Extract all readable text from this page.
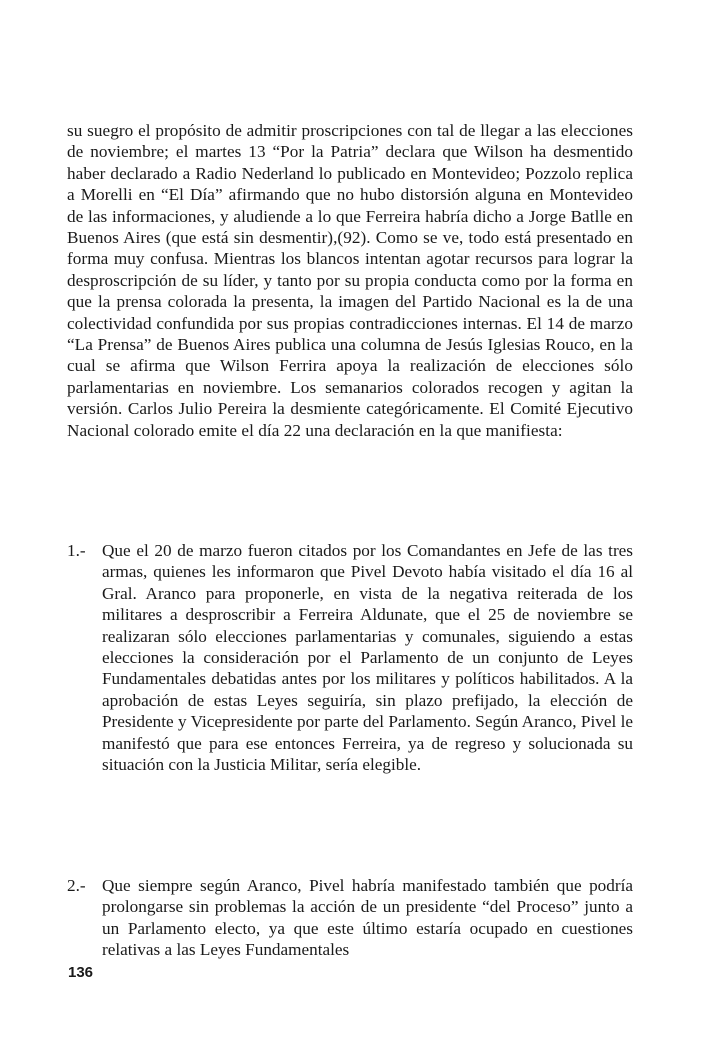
su suegro el propósito de admitir proscripciones con tal de llegar a las elecciones de noviembre; el martes 13 “Por la Patria” declara que Wilson ha desmentido haber declarado a Radio Nederland lo publicado en Montevideo; Pozzolo replica a Morelli en “El Día” afirmando que no hubo distorsión alguna en Montevideo de las informaciones, y aludiende a lo que Ferreira habría dicho a Jorge Batlle en Buenos Aires (que está sin desmentir),(92). Como se ve, todo está presentado en forma muy confusa. Mientras los blancos intentan agotar recursos para lograr la desproscripción de su líder, y tanto por su propia conducta como por la forma en que la prensa colorada la presenta, la imagen del Partido Nacional es la de una colectividad confundida por sus propias contradicciones internas. El 14 de marzo “La Prensa” de Buenos Aires publica una columna de Jesús Iglesias Rouco, en la cual se afirma que Wilson Ferrira apoya la realización de elecciones sólo parlamentarias en noviembre. Los semanarios colorados recogen y agitan la versión. Carlos Julio Pereira la desmiente categóricamente. El Comité Ejecutivo Nacional colorado emite el día 22 una declaración en la que manifiesta:

1.- Que el 20 de marzo fueron citados por los Comandantes en Jefe de las tres armas, quienes les informaron que Pivel Devoto había visitado el día 16 al Gral. Aranco para proponerle, en vista de la negativa reiterada de los militares a desproscribir a Ferreira Aldunate, que el 25 de noviembre se realizaran sólo elecciones parlamentarias y comunales, siguiendo a estas elecciones la consideración por el Parlamento de un conjunto de Leyes Fundamentales debatidas antes por los militares y políticos habilitados. A la aprobación de estas Leyes seguiría, sin plazo prefijado, la elección de Presidente y Vicepresidente por parte del Parlamento. Según Aranco, Pivel le manifestó que para ese entonces Ferreira, ya de regreso y solucionada su situación con la Justicia Militar, sería elegible.
2.- Que siempre según Aranco, Pivel habría manifestado también que podría prolongarse sin problemas la acción de un presidente “del Proceso” junto a un Parlamento electo, ya que este último estaría ocupado en cuestiones relativas a las Leyes Fundamentales
136
